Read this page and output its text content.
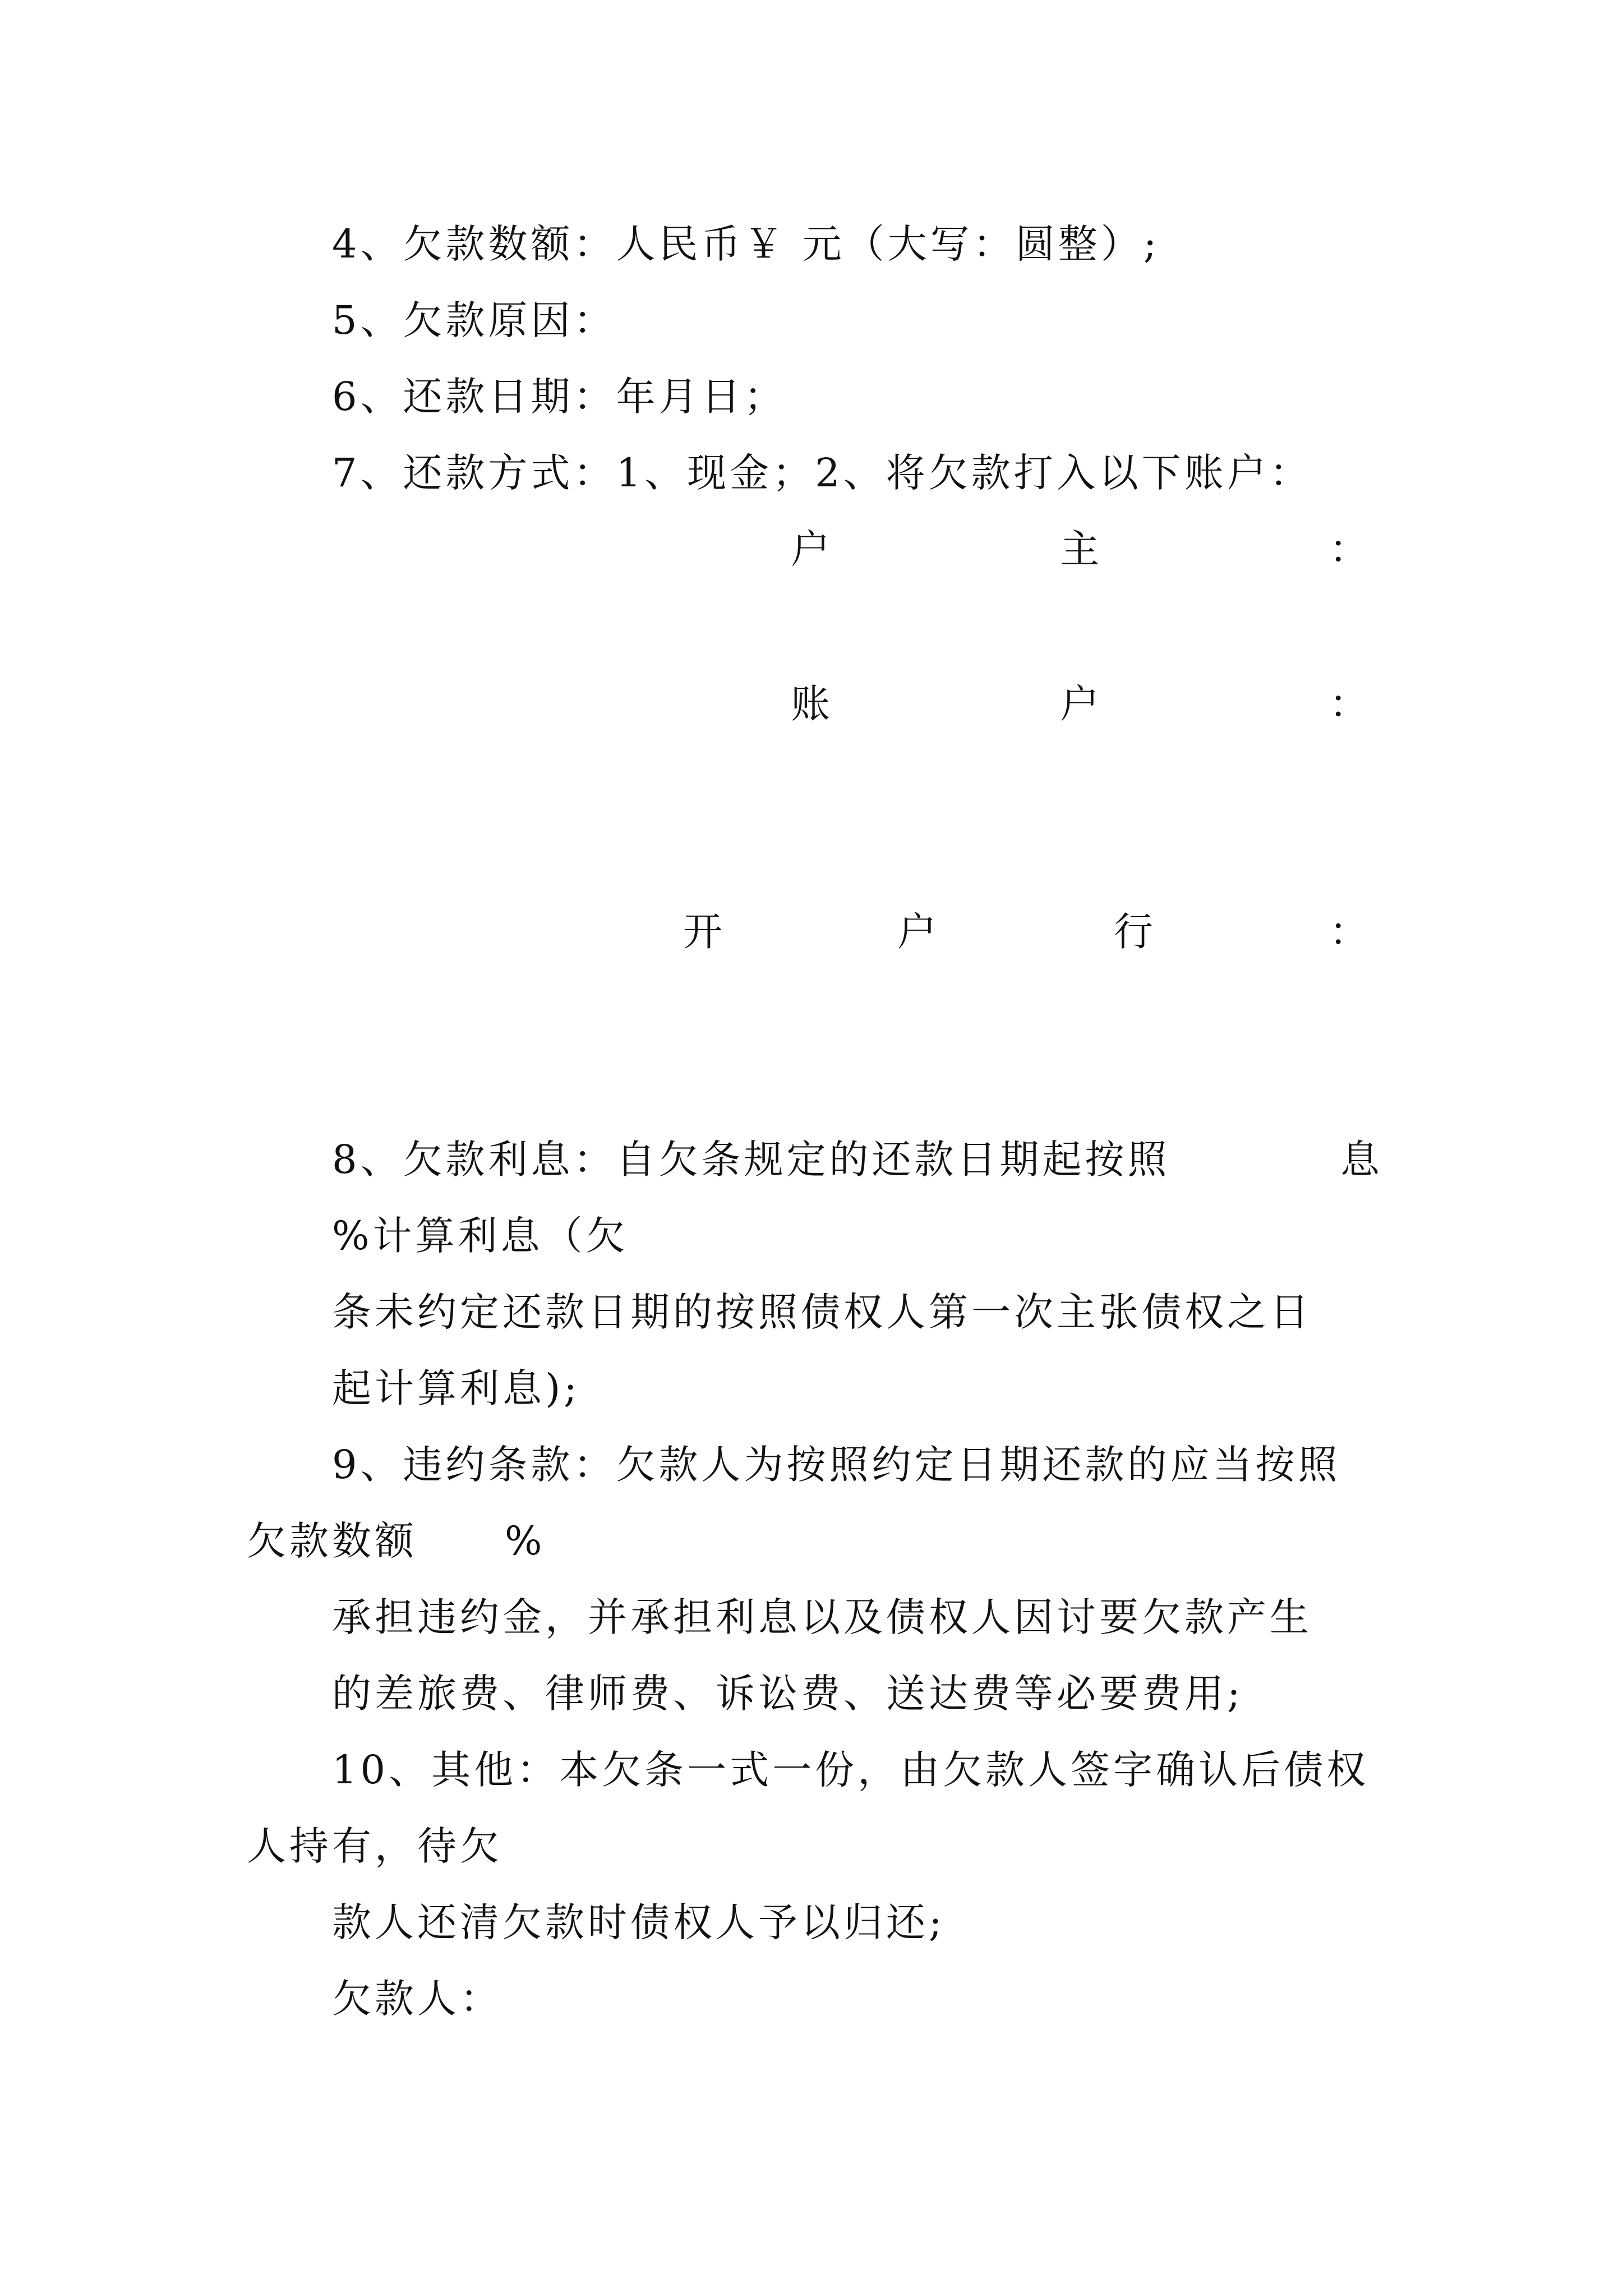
4、欠款数额：人民币￥ 元（大写：圆整）;
5、欠款原因：
6、还款日期：年月日；
7、还款方式：1、现金；2、将欠款打入以下账户：
户	主	：
账	户	：
开	户	行	：
8、欠款利息：自欠条规定的还款日期起按照	息
%计算利息（欠
条未约定还款日期的按照债权人第一次主张债权之日
起计算利息);
9、违约条款：欠款人为按照约定日期还款的应当按照
欠款数额 %
承担违约金，并承担利息以及债权人因讨要欠款产生
的差旅费、律师费、诉讼费、送达费等必要费用;
10、其他：本欠条一式一份，由欠款人签字确认后债权
人持有，待欠
款人还清欠款时债权人予以归还;
欠款人：
